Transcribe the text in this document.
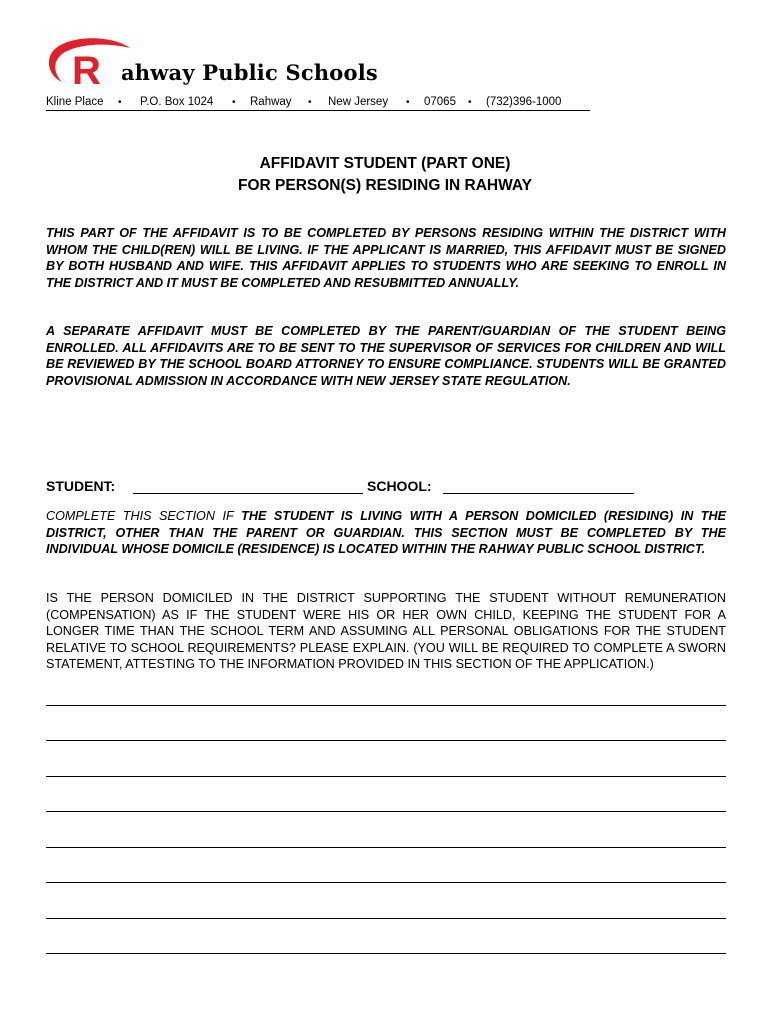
R ahway Public Schools
Kline Place • P.O. Box 1024 • Rahway • New Jersey • 07065 • (732)396-1000
AFFIDAVIT STUDENT (PART ONE)
FOR PERSON(S) RESIDING IN RAHWAY

THIS PART OF THE AFFIDAVIT IS TO BE COMPLETED BY PERSONS RESIDING WITHIN THE DISTRICT WITH WHOM THE CHILD(REN) WILL BE LIVING. IF THE APPLICANT IS MARRIED, THIS AFFIDAVIT MUST BE SIGNED BY BOTH HUSBAND AND WIFE. THIS AFFIDAVIT APPLIES TO STUDENTS WHO ARE SEEKING TO ENROLL IN THE DISTRICT AND IT MUST BE COMPLETED AND RESUBMITTED ANNUALLY.

A SEPARATE AFFIDAVIT MUST BE COMPLETED BY THE PARENT/GUARDIAN OF THE STUDENT BEING ENROLLED. ALL AFFIDAVITS ARE TO BE SENT TO THE SUPERVISOR OF SERVICES FOR CHILDREN AND WILL BE REVIEWED BY THE SCHOOL BOARD ATTORNEY TO ENSURE COMPLIANCE. STUDENTS WILL BE GRANTED PROVISIONAL ADMISSION IN ACCORDANCE WITH NEW JERSEY STATE REGULATION.

STUDENT:	SCHOOL:

COMPLETE THIS SECTION IF THE STUDENT IS LIVING WITH A PERSON DOMICILED (RESIDING) IN THE DISTRICT, OTHER THAN THE PARENT OR GUARDIAN. THIS SECTION MUST BE COMPLETED BY THE INDIVIDUAL WHOSE DOMICILE (RESIDENCE) IS LOCATED WITHIN THE RAHWAY PUBLIC SCHOOL DISTRICT.

IS THE PERSON DOMICILED IN THE DISTRICT SUPPORTING THE STUDENT WITHOUT REMUNERATION (COMPENSATION) AS IF THE STUDENT WERE HIS OR HER OWN CHILD, KEEPING THE STUDENT FOR A LONGER TIME THAN THE SCHOOL TERM AND ASSUMING ALL PERSONAL OBLIGATIONS FOR THE STUDENT RELATIVE TO SCHOOL REQUIREMENTS? PLEASE EXPLAIN. (YOU WILL BE REQUIRED TO COMPLETE A SWORN STATEMENT, ATTESTING TO THE INFORMATION PROVIDED IN THIS SECTION OF THE APPLICATION.)
